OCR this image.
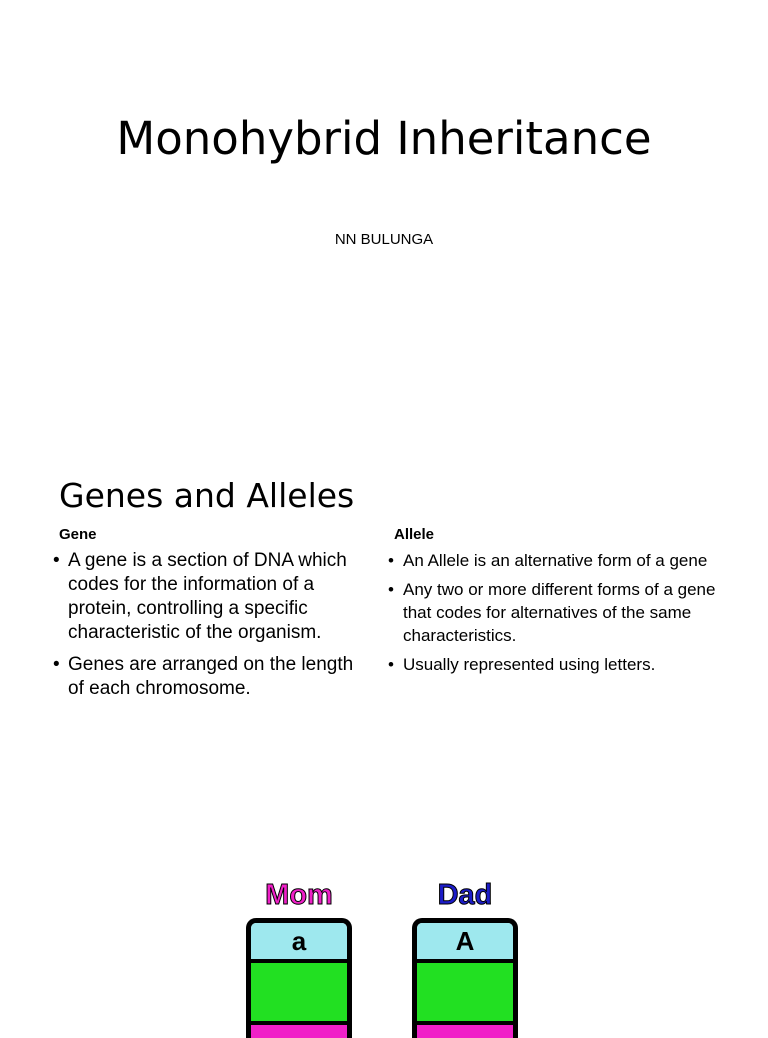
Monohybrid Inheritance
NN BULUNGA
Genes and Alleles
Gene
• A gene is a section of DNA which codes for the information of a protein, controlling a specific characteristic of the organism.
• Genes are arranged on the length of each chromosome.
Allele
• An Allele is an alternative form of a gene
• Any two or more different forms of a gene that codes for alternatives of the same characteristics.
• Usually represented using letters.
Mom
a
Dad
A
